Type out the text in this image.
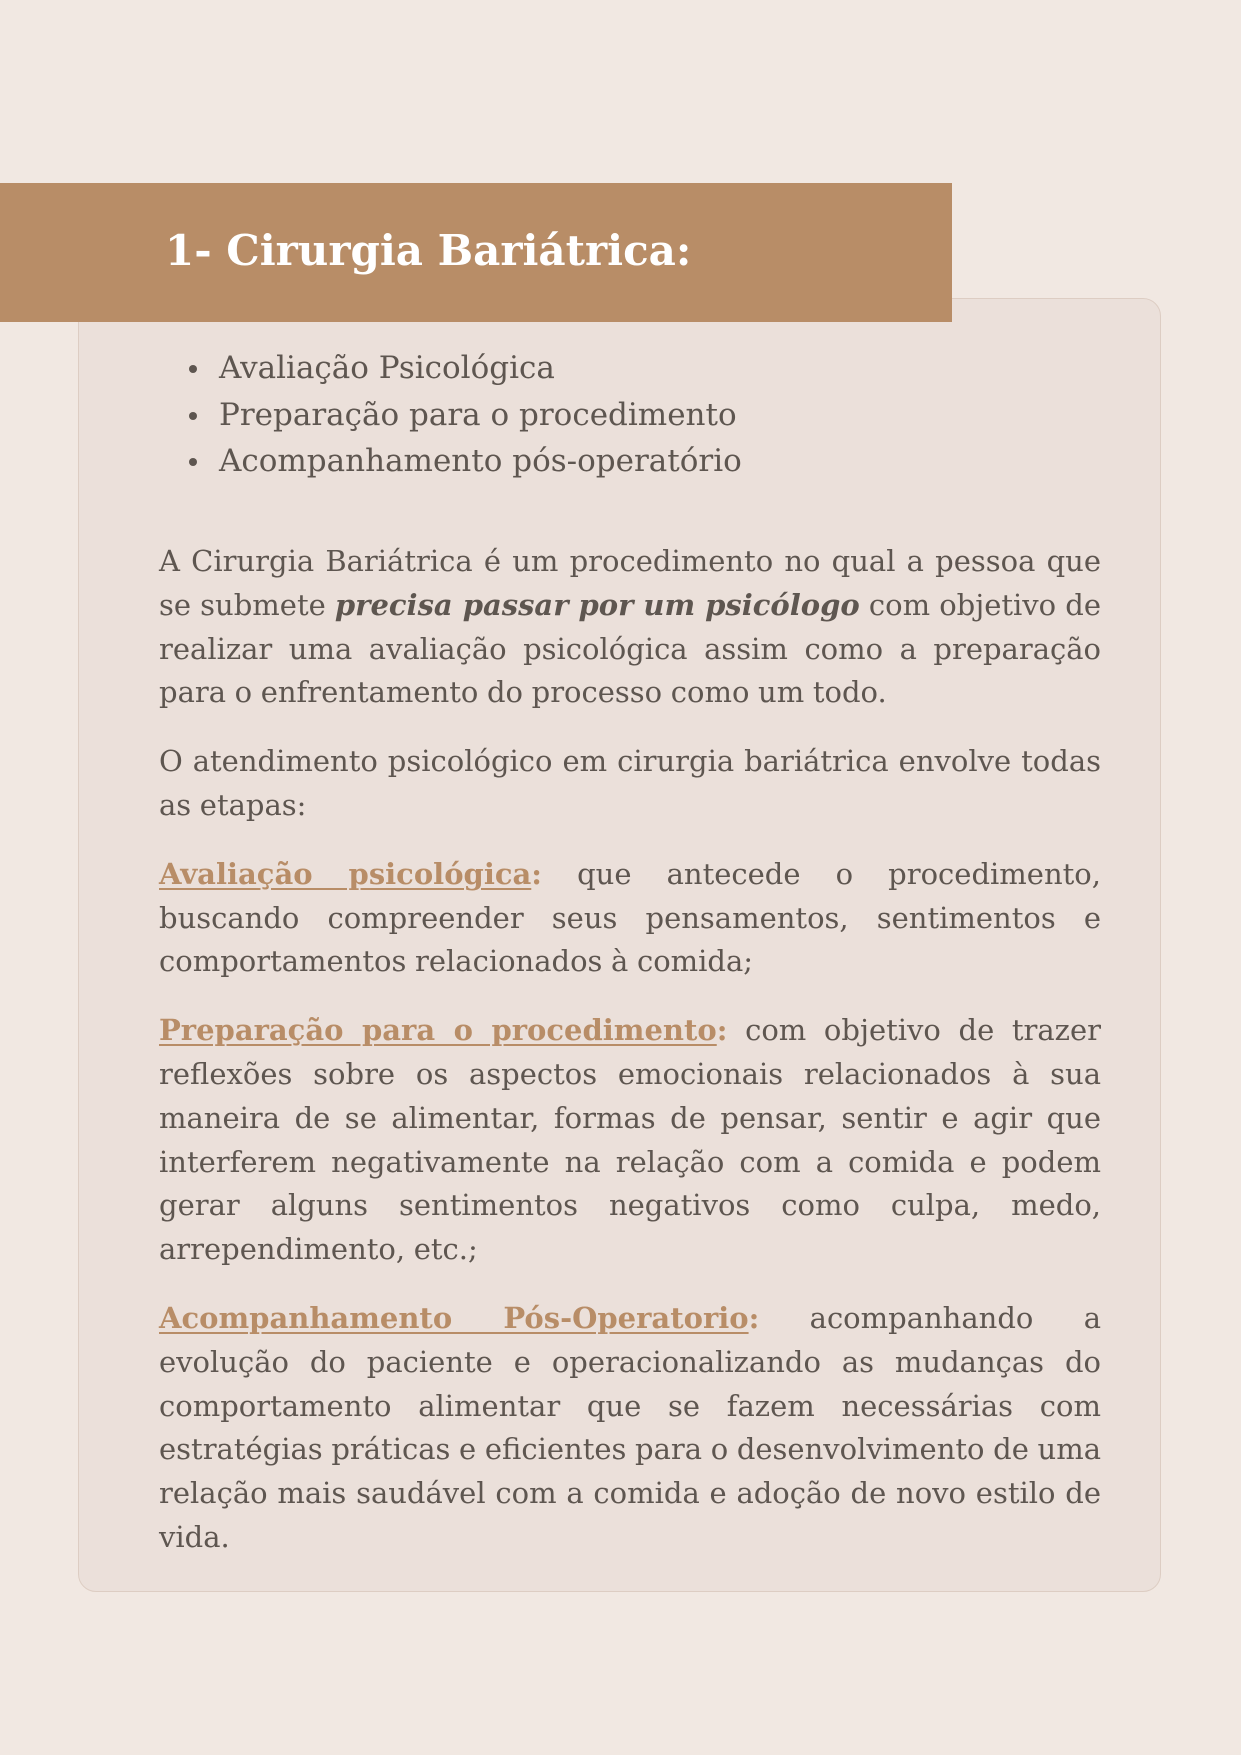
1- Cirurgia Bariátrica:
Avaliação Psicológica
Preparação para o procedimento
Acompanhamento pós-operatório

A Cirurgia Bariátrica é um procedimento no qual a pessoa que se submete precisa passar por um psicólogo com objetivo de realizar uma avaliação psicológica assim como a preparação para o enfrentamento do processo como um todo.

O atendimento psicológico em cirurgia bariátrica envolve todas as etapas:

Avaliação psicológica: que antecede o procedimento, buscando compreender seus pensamentos, sentimentos e comportamentos relacionados à comida;

Preparação para o procedimento: com objetivo de trazer reflexões sobre os aspectos emocionais relacionados à sua maneira de se alimentar, formas de pensar, sentir e agir que interferem negativamente na relação com a comida e podem gerar alguns sentimentos negativos como culpa, medo, arrependimento, etc.;

Acompanhamento Pós-Operatorio: acompanhando a evolução do paciente e operacionalizando as mudanças do comportamento alimentar que se fazem necessárias com estratégias práticas e eficientes para o desenvolvimento de uma relação mais saudável com a comida e adoção de novo estilo de vida.
